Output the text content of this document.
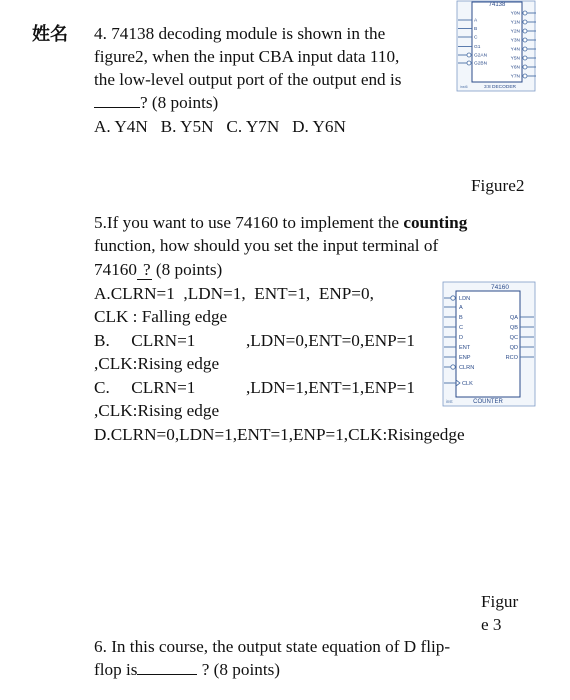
姓名 4. 74138 decoding module is shown in the
figure2, when the input CBA input data 110,
the low-level output port of the output end is
? (8 points)
A. Y4N   B. Y5N   C. Y7N   D. Y6N
74138
A
B
C
G1
G2AN
G2BN
Y0N
Y1N
Y2N
Y3N
Y4N
Y5N
Y6N
Y7N
inst6	3:8 DECODER
Figure2
5.If you want to use 74160 to implement the counting
function, how should you set the input terminal of
74160 ? (8 points)
A.CLRN=1  ,LDN=1,  ENT=1,  ENP=0,
CLK : Falling edge
B.     CLRN=1	,LDN=0,ENT=0,ENP=1
,CLK:Rising edge
C.     CLRN=1	,LDN=1,ENT=1,ENP=1
,CLK:Rising edge
D.CLRN=0,LDN=1,ENT=1,ENP=1,CLK:Risingedge
74160
LDN
A
B
C
D
ENT
ENP
CLRN
CLK
QA
QB
QC
QD
RCO
inst	COUNTER
Figur
e 3
6. In this course, the output state equation of D flip-
flop is	? (8 points)
